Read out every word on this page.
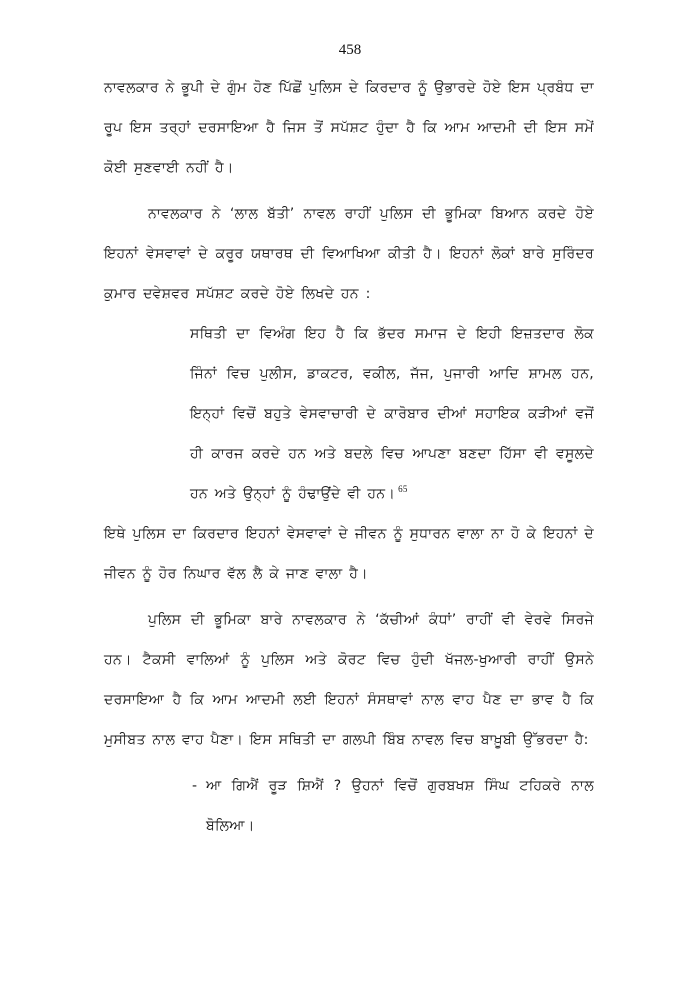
458

ਨਾਵਲਕਾਰ ਨੇ ਭੂਪੀ ਦੇ ਗੁੰਮ ਹੋਣ ਪਿੱਛੋਂ ਪੁਲਿਸ ਦੇ ਕਿਰਦਾਰ ਨੂੰ ਉਭਾਰਦੇ ਹੋਏ ਇਸ ਪ੍ਰਬੰਧ ਦਾ ਰੂਪ ਇਸ ਤਰ੍ਹਾਂ ਦਰਸਾਇਆ ਹੈ ਜਿਸ ਤੋਂ ਸਪੱਸ਼ਟ ਹੁੰਦਾ ਹੈ ਕਿ ਆਮ ਆਦਮੀ ਦੀ ਇਸ ਸਮੇਂ ਕੋਈ ਸੁਣਵਾਈ ਨਹੀਂ ਹੈ।

ਨਾਵਲਕਾਰ ਨੇ ‘ਲਾਲ ਬੱਤੀ’ ਨਾਵਲ ਰਾਹੀਂ ਪੁਲਿਸ ਦੀ ਭੂਮਿਕਾ ਬਿਆਨ ਕਰਦੇ ਹੋਏ ਇਹਨਾਂ ਵੇਸਵਾਵਾਂ ਦੇ ਕਰੂਰ ਯਥਾਰਥ ਦੀ ਵਿਆਖਿਆ ਕੀਤੀ ਹੈ। ਇਹਨਾਂ ਲੋਕਾਂ ਬਾਰੇ ਸੁਰਿੰਦਰ ਕੁਮਾਰ ਦਵੇਸ਼ਵਰ ਸਪੱਸ਼ਟ ਕਰਦੇ ਹੋਏ ਲਿਖਦੇ ਹਨ :

ਸਥਿਤੀ ਦਾ ਵਿਅੰਗ ਇਹ ਹੈ ਕਿ ਭੱਦਰ ਸਮਾਜ ਦੇ ਇਹੀ ਇਜ਼ਤਦਾਰ ਲੋਕ ਜਿੰਨਾਂ ਵਿਚ ਪੁਲੀਸ, ਡਾਕਟਰ, ਵਕੀਲ, ਜੱਜ, ਪੁਜਾਰੀ ਆਦਿ ਸ਼ਾਮਲ ਹਨ, ਇਨ੍ਹਾਂ ਵਿਚੋਂ ਬਹੁਤੇ ਵੇਸਵਾਚਾਰੀ ਦੇ ਕਾਰੋਬਾਰ ਦੀਆਂ ਸਹਾਇਕ ਕੜੀਆਂ ਵਜੋਂ ਹੀ ਕਾਰਜ ਕਰਦੇ ਹਨ ਅਤੇ ਬਦਲੇ ਵਿਚ ਆਪਣਾ ਬਣਦਾ ਹਿੱਸਾ ਵੀ ਵਸੂਲਦੇ ਹਨ ਅਤੇ ਉਨ੍ਹਾਂ ਨੂੰ ਹੰਢਾਉਂਦੇ ਵੀ ਹਨ। $^{65}$

ਇਥੇ ਪੁਲਿਸ ਦਾ ਕਿਰਦਾਰ ਇਹਨਾਂ ਵੇਸਵਾਵਾਂ ਦੇ ਜੀਵਨ ਨੂੰ ਸੁਧਾਰਨ ਵਾਲਾ ਨਾ ਹੋ ਕੇ ਇਹਨਾਂ ਦੇ ਜੀਵਨ ਨੂੰ ਹੋਰ ਨਿਘਾਰ ਵੱਲ ਲੈ ਕੇ ਜਾਣ ਵਾਲਾ ਹੈ।

ਪੁਲਿਸ ਦੀ ਭੂਮਿਕਾ ਬਾਰੇ ਨਾਵਲਕਾਰ ਨੇ ‘ਕੱਚੀਆਂ ਕੰਧਾਂ’ ਰਾਹੀਂ ਵੀ ਵੇਰਵੇ ਸਿਰਜੇ ਹਨ। ਟੈਕਸੀ ਵਾਲਿਆਂ ਨੂੰ ਪੁਲਿਸ ਅਤੇ ਕੋਰਟ ਵਿਚ ਹੁੰਦੀ ਖੱਜਲ-ਖੁਆਰੀ ਰਾਹੀਂ ਉਸਨੇ ਦਰਸਾਇਆ ਹੈ ਕਿ ਆਮ ਆਦਮੀ ਲਈ ਇਹਨਾਂ ਸੰਸਥਾਵਾਂ ਨਾਲ ਵਾਹ ਪੈਣ ਦਾ ਭਾਵ ਹੈ ਕਿ ਮੁਸੀਬਤ ਨਾਲ ਵਾਹ ਪੈਣਾ। ਇਸ ਸਥਿਤੀ ਦਾ ਗਲਪੀ ਬਿੰਬ ਨਾਵਲ ਵਿਚ ਬਾਖ਼ੂਬੀ ਉੱਭਰਦਾ ਹੈ:

- ਆ ਗਿਐਂ ਰੂੜ ਸ਼ਿਐਂ ? ਉਹਨਾਂ ਵਿਚੋਂ ਗੁਰਬਖਸ਼ ਸਿੰਘ ਟਹਿਕਰੇ ਨਾਲ ਬੋਲਿਆ।
